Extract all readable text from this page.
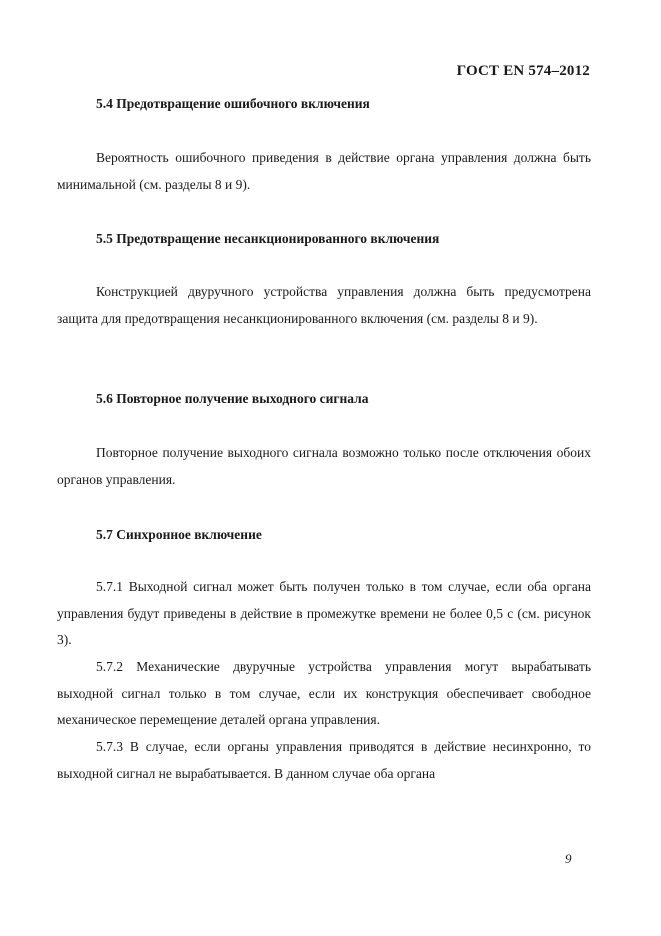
ГОСТ EN 574–2012
5.4 Предотвращение ошибочного включения

Вероятность ошибочного приведения в действие органа управления должна быть минимальной (см. разделы 8 и 9).

5.5 Предотвращение несанкционированного включения

Конструкцией двуручного устройства управления должна быть предусмотрена защита для предотвращения несанкционированного включения (см. разделы 8 и 9).

5.6 Повторное получение выходного сигнала

Повторное получение выходного сигнала возможно только после отключения обоих органов управления.

5.7 Синхронное включение

5.7.1 Выходной сигнал может быть получен только в том случае, если оба органа управления будут приведены в действие в промежутке времени не более 0,5 с (см. рисунок 3).

5.7.2 Механические двуручные устройства управления могут вырабатывать выходной сигнал только в том случае, если их конструкция обеспечивает свободное механическое перемещение деталей органа управления.

5.7.3 В случае, если органы управления приводятся в действие несинхронно, то выходной сигнал не вырабатывается. В данном случае оба органа

9
